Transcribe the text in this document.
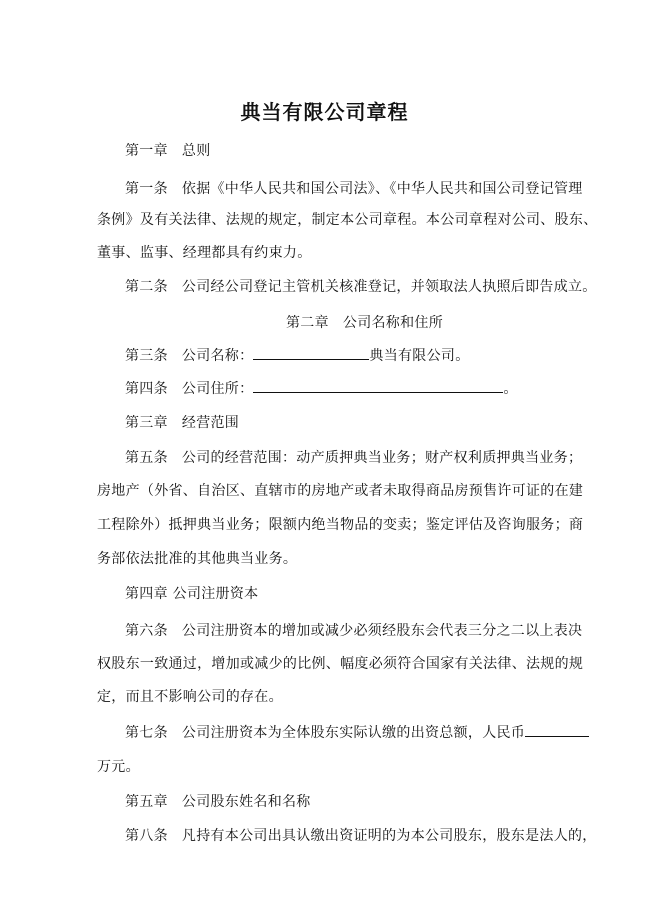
典当有限公司章程
第一章 总则
第一条 依据《中华人民共和国公司法》、《中华人民共和国公司登记管理
条例》及有关法律、法规的规定，制定本公司章程。本公司章程对公司、股东、
董事、监事、经理都具有约束力。
第二条 公司经公司登记主管机关核准登记，并领取法人执照后即告成立。
第二章 公司名称和住所
第三条 公司名称：	典当有限公司。
第四条 公司住所：	。
第三章 经营范围
第五条 公司的经营范围：动产质押典当业务；财产权利质押典当业务；
房地产（外省、自治区、直辖市的房地产或者未取得商品房预售许可证的在建
工程除外）抵押典当业务；限额内绝当物品的变卖；鉴定评估及咨询服务；商
务部依法批准的其他典当业务。
第四章 公司注册资本
第六条 公司注册资本的增加或减少必须经股东会代表三分之二以上表决
权股东一致通过，增加或减少的比例、幅度必须符合国家有关法律、法规的规
定，而且不影响公司的存在。
第七条 公司注册资本为全体股东实际认缴的出资总额，人民币
万元。
第五章 公司股东姓名和名称
第八条 凡持有本公司出具认缴出资证明的为本公司股东，股东是法人的，
